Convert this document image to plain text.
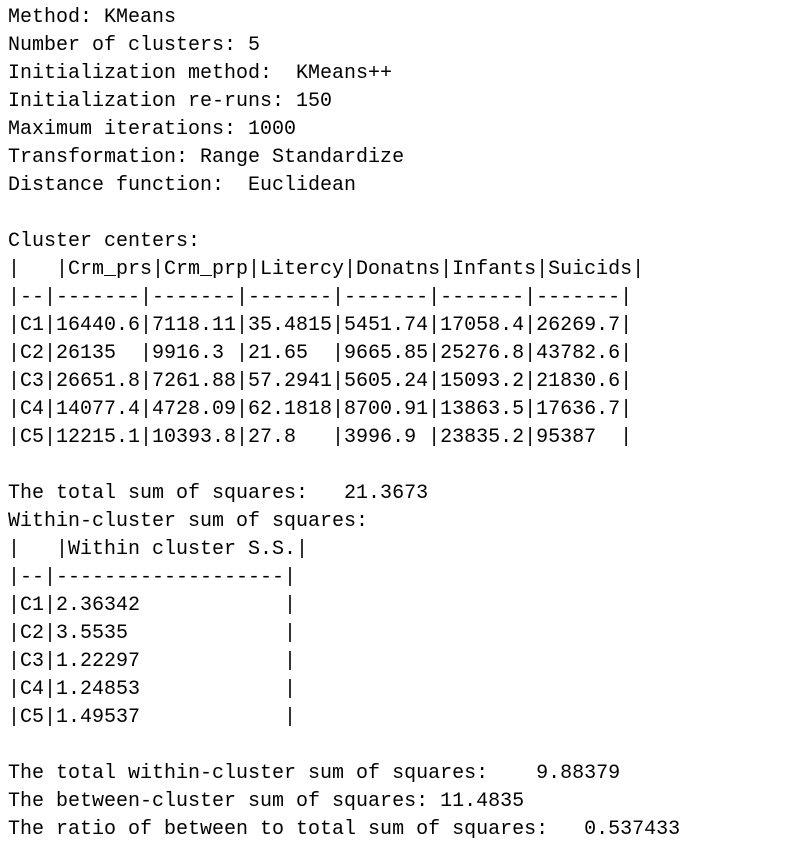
Method: KMeans
Number of clusters: 5
Initialization method:  KMeans++
Initialization re-runs: 150
Maximum iterations: 1000
Transformation: Range Standardize
Distance function:  Euclidean
Cluster centers:
|   |Crm_prs|Crm_prp|Litercy|Donatns|Infants|Suicids|
|--|-------|-------|-------|-------|-------|-------|
|C1|16440.6|7118.11|35.4815|5451.74|17058.4|26269.7|
|C2|26135  |9916.3 |21.65  |9665.85|25276.8|43782.6|
|C3|26651.8|7261.88|57.2941|5605.24|15093.2|21830.6|
|C4|14077.4|4728.09|62.1818|8700.91|13863.5|17636.7|
|C5|12215.1|10393.8|27.8   |3996.9 |23835.2|95387  |
The total sum of squares:   21.3673
Within-cluster sum of squares:
|   |Within cluster S.S.|
|--|-------------------|
|C1|2.36342            |
|C2|3.5535             |
|C3|1.22297            |
|C4|1.24853            |
|C5|1.49537            |
The total within-cluster sum of squares:    9.88379
The between-cluster sum of squares: 11.4835
The ratio of between to total sum of squares:   0.537433
